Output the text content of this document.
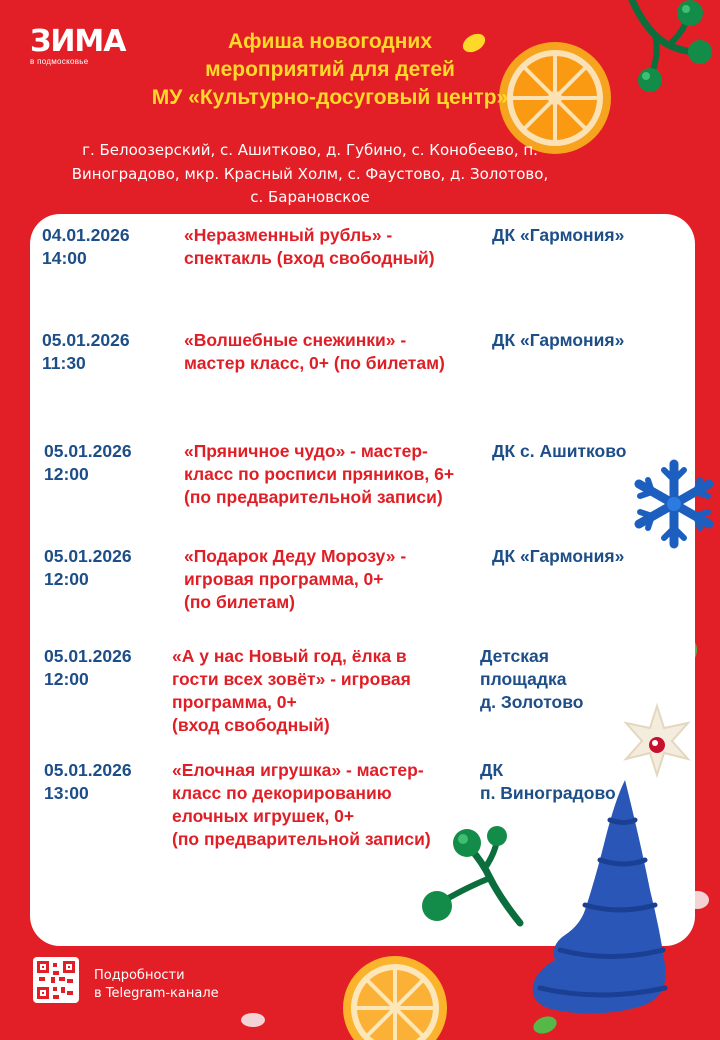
ЗИМА
в подмосковье
Афиша новогодних
мероприятий для детей
МУ «Культурно-досуговый центр»
г. Белоозерский, с. Ашитково, д. Губино, с. Конобеево, п.
Виноградово, мкр. Красный Холм, с. Фаустово, д. Золотово,
с. Барановское
04.01.2026
14:00
«Неразменный рубль» -
спектакль (вход свободный)
ДК «Гармония»
05.01.2026
11:30
«Волшебные снежинки» -
мастер класс, 0+ (по билетам)
ДК «Гармония»
05.01.2026
12:00
«Пряничное чудо» - мастер-
класс по росписи пряников, 6+
(по предварительной записи)
ДК с. Ашитково
05.01.2026
12:00
«Подарок Деду Морозу» -
игровая программа, 0+
(по билетам)
ДК «Гармония»
05.01.2026
12:00
«А у нас Новый год, ёлка в
гости всех зовёт» - игровая
программа, 0+
(вход свободный)
Детская
площадка
д. Золотово
05.01.2026
13:00
«Елочная игрушка» - мастер-
класс по декорированию
елочных игрушек, 0+
(по предварительной записи)
ДК
п. Виноградово
Подробности
в Telegram-канале
